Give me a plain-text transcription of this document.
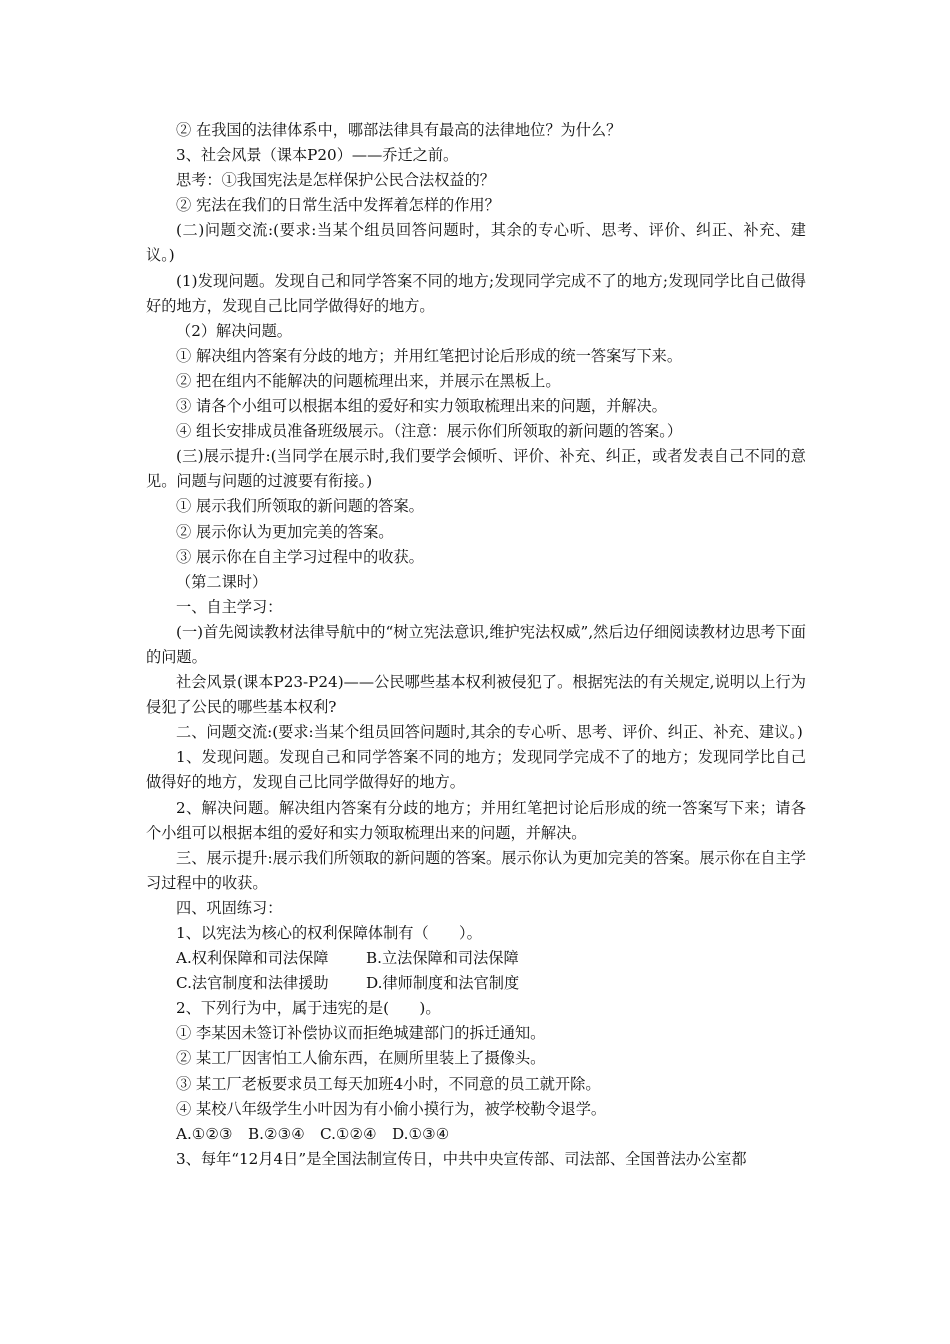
② 在我国的法律体系中，哪部法律具有最高的法律地位？为什么？

3、社会风景（课本P20）——乔迁之前。

思考：①我国宪法是怎样保护公民合法权益的？

② 宪法在我们的日常生活中发挥着怎样的作用？

(二)问题交流:(要求:当某个组员回答问题时，其余的专心听、思考、评价、纠正、补充、建议。)

(1)发现问题。发现自己和同学答案不同的地方;发现同学完成不了的地方;发现同学比自己做得好的地方，发现自己比同学做得好的地方。

（2）解决问题。

① 解决组内答案有分歧的地方；并用红笔把讨论后形成的统一答案写下来。

② 把在组内不能解决的问题梳理出来，并展示在黑板上。

③ 请各个小组可以根据本组的爱好和实力领取梳理出来的问题，并解决。

④ 组长安排成员准备班级展示。（注意：展示你们所领取的新问题的答案。）

(三)展示提升:(当同学在展示时,我们要学会倾听、评价、补充、纠正，或者发表自己不同的意见。问题与问题的过渡要有衔接。)

① 展示我们所领取的新问题的答案。

② 展示你认为更加完美的答案。

③ 展示你在自主学习过程中的收获。

（第二课时）

一、自主学习：

(一)首先阅读教材法律导航中的“树立宪法意识,维护宪法权威”,然后边仔细阅读教材边思考下面的问题。

社会风景(课本P23-P24)——公民哪些基本权利被侵犯了。根据宪法的有关规定,说明以上行为侵犯了公民的哪些基本权利?

二、问题交流:(要求:当某个组员回答问题时,其余的专心听、思考、评价、纠正、补充、建议。)

1、发现问题。发现自己和同学答案不同的地方；发现同学完成不了的地方；发现同学比自己做得好的地方，发现自己比同学做得好的地方。

2、解决问题。解决组内答案有分歧的地方；并用红笔把讨论后形成的统一答案写下来；请各个小组可以根据本组的爱好和实力领取梳理出来的问题，并解决。

三、展示提升:展示我们所领取的新问题的答案。展示你认为更加完美的答案。展示你在自主学习过程中的收获。

四、巩固练习：

1、以宪法为核心的权利保障体制有（　　）。

A.权利保障和司法保障 B.立法保障和司法保障

C.法官制度和法律援助 D.律师制度和法官制度

2、下列行为中，属于违宪的是(　　)。

① 李某因未签订补偿协议而拒绝城建部门的拆迁通知。

② 某工厂因害怕工人偷东西，在厕所里装上了摄像头。

③ 某工厂老板要求员工每天加班4小时，不同意的员工就开除。

④ 某校八年级学生小叶因为有小偷小摸行为，被学校勒令退学。

A.①②③ B.②③④ C.①②④ D.①③④

3、每年“12月4日”是全国法制宣传日，中共中央宣传部、司法部、全国普法办公室都
